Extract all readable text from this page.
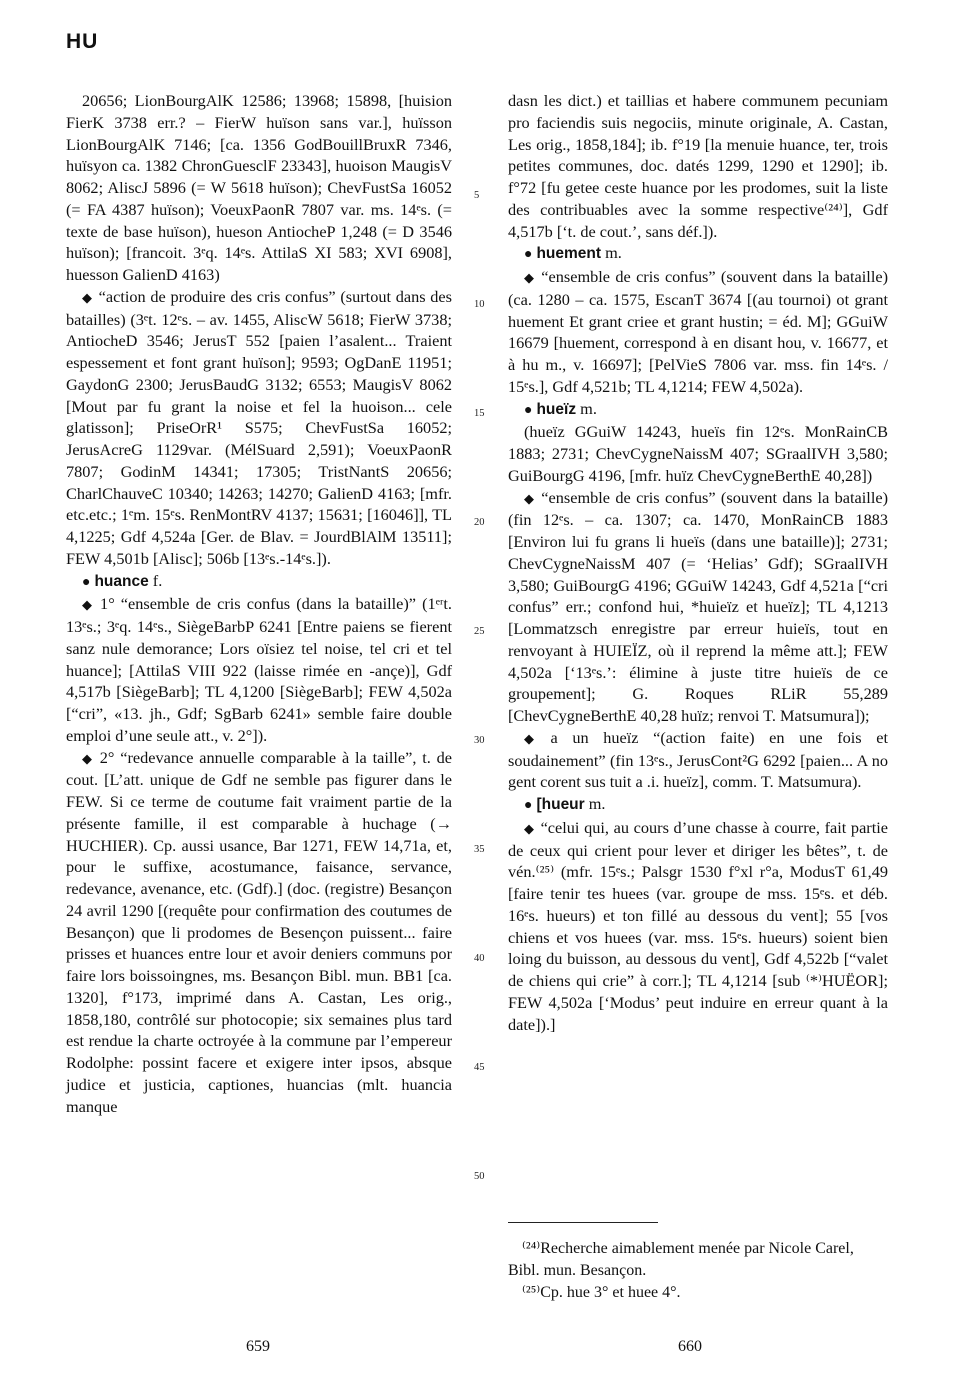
HU

20656; LionBourgAlK 12586; 13968; 15898, [huision FierK 3738 err.? – FierW huïson sans var.], huïsson LionBourgAlK 7146; [ca. 1356 GodBouillBruxR 7346, huïsyon ca. 1382 ChronGuesclF 23343], huoison MaugisV 8062; AliscJ 5896 (= W 5618 huïson); ChevFustSa 16052 (= FA 4387 huïson); VoeuxPaonR 7807 var. ms. 14ᵉs. (= texte de base huïson), hueson AntiocheP 1,248 (= D 3546 huïson); [francoit. 3ᵉq. 14ᵉs. AttilaS XI 583; XVI 6908], huesson GalienD 4163)

◆ “action de produire des cris confus” (surtout dans des batailles) (3ᵉt. 12ᵉs. – av. 1455, AliscW 5618; FierW 3738; AntiocheD 3546; JerusT 552 [paien l’asalent... Traient espessement et font grant huïson]; 9593; OgDanE 11951; GaydonG 2300; JerusBaudG 3132; 6553; MaugisV 8062 [Mout par fu grant la noise et fel la huoison... cele glatisson]; PriseOrR¹ S575; ChevFustSa 16052; JerusAcreG 1129var. (MélSuard 2,591); VoeuxPaonR 7807; GodinM 14341; 17305; TristNantS 20656; CharlChauveC 10340; 14263; 14270; GalienD 4163; [mfr. etc.etc.; 1ᵉm. 15ᵉs. RenMontRV 4137; 15631; [16046]], TL 4,1225; Gdf 4,524a [Ger. de Blav. = JourdBlAlM 13511]; FEW 4,501b [Alisc]; 506b [13ᵉs.-14ᵉs.]).

● huance f.

◆ 1° “ensemble de cris confus (dans la bataille)” (1ᵉʳt. 13ᵉs.; 3ᵉq. 14ᵉs., SiègeBarbP 6241 [Entre paiens se fierent sanz nule demorance; Lors oïsiez tel noise, tel cri et tel huance]; [AttilaS VIII 922 (laisse rimée en -ançe)], Gdf 4,517b [SiègeBarb]; TL 4,1200 [SiègeBarb]; FEW 4,502a [“cri”, «13. jh., Gdf; SgBarb 6241» semble faire double emploi d’une seule att., v. 2°]).

◆ 2° “redevance annuelle comparable à la taille”, t. de cout. [L’att. unique de Gdf ne semble pas figurer dans le FEW. Si ce terme de coutume fait vraiment partie de la présente famille, il est comparable à huchage (→ HUCHIER). Cp. aussi usance, Bar 1271, FEW 14,71a, et, pour le suffixe, acostumance, faisance, servance, redevance, avenance, etc. (Gdf).] (doc. (registre) Besançon 24 avril 1290 [(requête pour confirmation des coutumes de Besançon) que li prodomes de Besençon puissent... faire prisses et huances entre lour et avoir deniers communs por faire lors boissoingnes, ms. Besançon Bibl. mun. BB1 [ca. 1320], f°173, imprimé dans A. Castan, Les orig., 1858,180, contrôlé sur photocopie; six semaines plus tard est rendue la charte octroyée à la commune par l’empereur Rodolphe: possint facere et exigere inter ipsos, absque judice et justicia, captiones, huancias (mlt. huancia manque

5
10
15
20
25
30
35
40
45
50

dasn les dict.) et taillias et habere communem pecuniam pro faciendis suis negociis, minute originale, A. Castan, Les orig., 1858,184]; ib. f°19 [la menuie huance, ter, trois petites communes, doc. datés 1299, 1290 et 1290]; ib. f°72 [fu getee ceste huance por les prodomes, suit la liste des contribuables avec la somme respective⁽²⁴⁾], Gdf 4,517b [‘t. de cout.’, sans déf.]).

● huement m.

◆ “ensemble de cris confus” (souvent dans la bataille) (ca. 1280 – ca. 1575, EscanT 3674 [(au tournoi) ot grant huement Et grant criee et grant hustin; = éd. M]; GGuiW 16679 [huement, correspond à en disant hou, v. 16677, et à hu m., v. 16697]; [PelVieS 7806 var. mss. fin 14ᵉs. / 15ᵉs.], Gdf 4,521b; TL 4,1214; FEW 4,502a).

● hueïz m.

(hueïz GGuiW 14243, hueïs fin 12ᵉs. MonRainCB 1883; 2731; ChevCygneNaissM 407; SGraalIVH 3,580; GuiBourgG 4196, [mfr. huïz ChevCygneBerthE 40,28])

◆ “ensemble de cris confus” (souvent dans la bataille) (fin 12ᵉs. – ca. 1307; ca. 1470, MonRainCB 1883 [Environ lui fu grans li hueïs (dans une bataille)]; 2731; ChevCygneNaissM 407 (= ‘Helias’ Gdf); SGraalIVH 3,580; GuiBourgG 4196; GGuiW 14243, Gdf 4,521a [“cri confus” err.; confond hui, *huieïz et hueïz]; TL 4,1213 [Lommatzsch enregistre par erreur huieïs, tout en renvoyant à HUIEÏZ, où il reprend la même att.]; FEW 4,502a [‘13ᵉs.’: élimine à juste titre huieïs de ce groupement]; G. Roques RLiR 55,289 [ChevCygneBerthE 40,28 huïz; renvoi T. Matsumura]);

◆ a un hueïz “(action faite) en une fois et soudainement” (fin 13ᵉs., JerusCont²G 6292 [paien... A no gent corent sus tuit a .i. hueïz], comm. T. Matsumura).

● [hueur m.

◆ “celui qui, au cours d’une chasse à courre, fait partie de ceux qui crient pour lever et diriger les bêtes”, t. de vén.⁽²⁵⁾ (mfr. 15ᵉs.; Palsgr 1530 f°xl r°a, ModusT 61,49 [faire tenir tes huees (var. groupe de mss. 15ᵉs. et déb. 16ᵉs. hueurs) et ton fillé au dessous du vent]; 55 [vos chiens et vos huees (var. mss. 15ᵉs. hueurs) soient bien loing du buisson, au dessous du vent], Gdf 4,522b [“valet de chiens qui crie” à corr.]; TL 4,1214 [sub ⁽*⁾HUËOR]; FEW 4,502a [‘Modus’ peut induire en erreur quant à la date]).]

⁽²⁴⁾Recherche aimablement menée par Nicole Carel, Bibl. mun. Besançon.

⁽²⁵⁾Cp. hue 3° et huee 4°.

659	660
